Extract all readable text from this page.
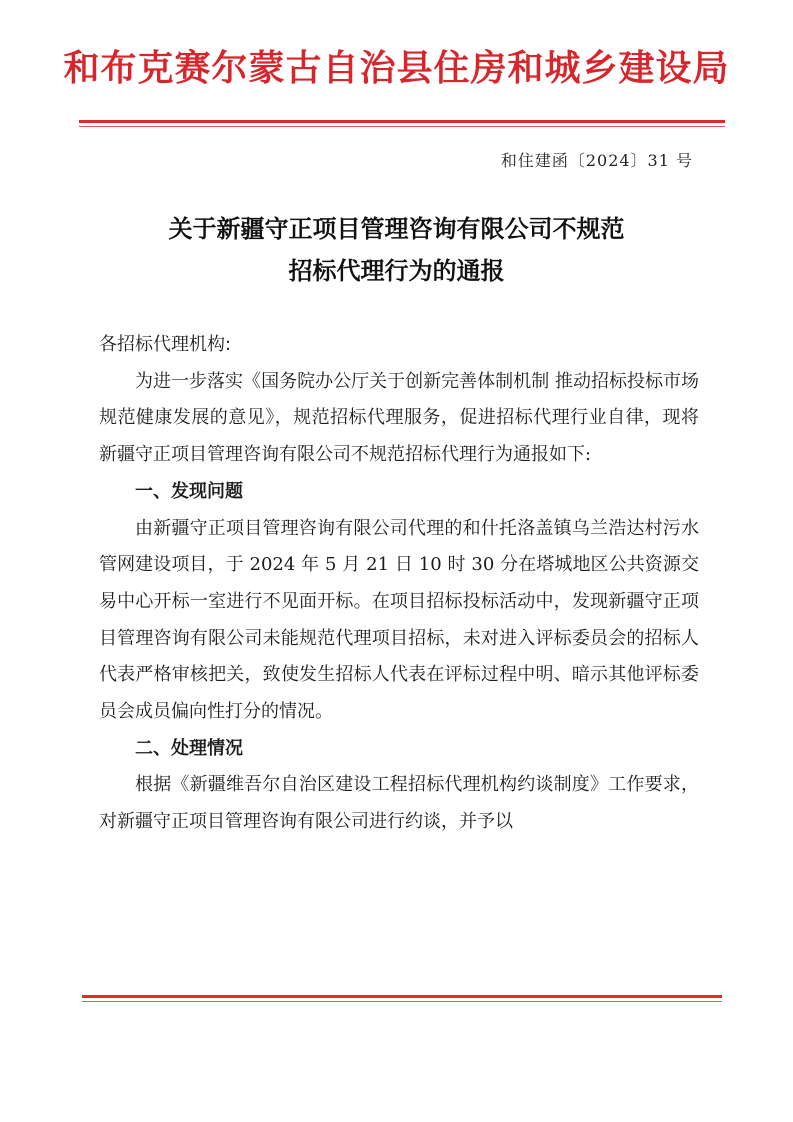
和布克赛尔蒙古自治县住房和城乡建设局
和住建函〔2024〕31 号
关于新疆守正项目管理咨询有限公司不规范
招标代理行为的通报

各招标代理机构:

为进一步落实《国务院办公厅关于创新完善体制机制 推动招标投标市场规范健康发展的意见》，规范招标代理服务，促进招标代理行业自律，现将新疆守正项目管理咨询有限公司不规范招标代理行为通报如下:

一、发现问题

由新疆守正项目管理咨询有限公司代理的和什托洛盖镇乌兰浩达村污水管网建设项目，于 2024 年 5 月 21 日 10 时 30 分在塔城地区公共资源交易中心开标一室进行不见面开标。在项目招标投标活动中，发现新疆守正项目管理咨询有限公司未能规范代理项目招标，未对进入评标委员会的招标人代表严格审核把关，致使发生招标人代表在评标过程中明、暗示其他评标委员会成员偏向性打分的情况。

二、处理情况

根据《新疆维吾尔自治区建设工程招标代理机构约谈制度》工作要求，对新疆守正项目管理咨询有限公司进行约谈，并予以
